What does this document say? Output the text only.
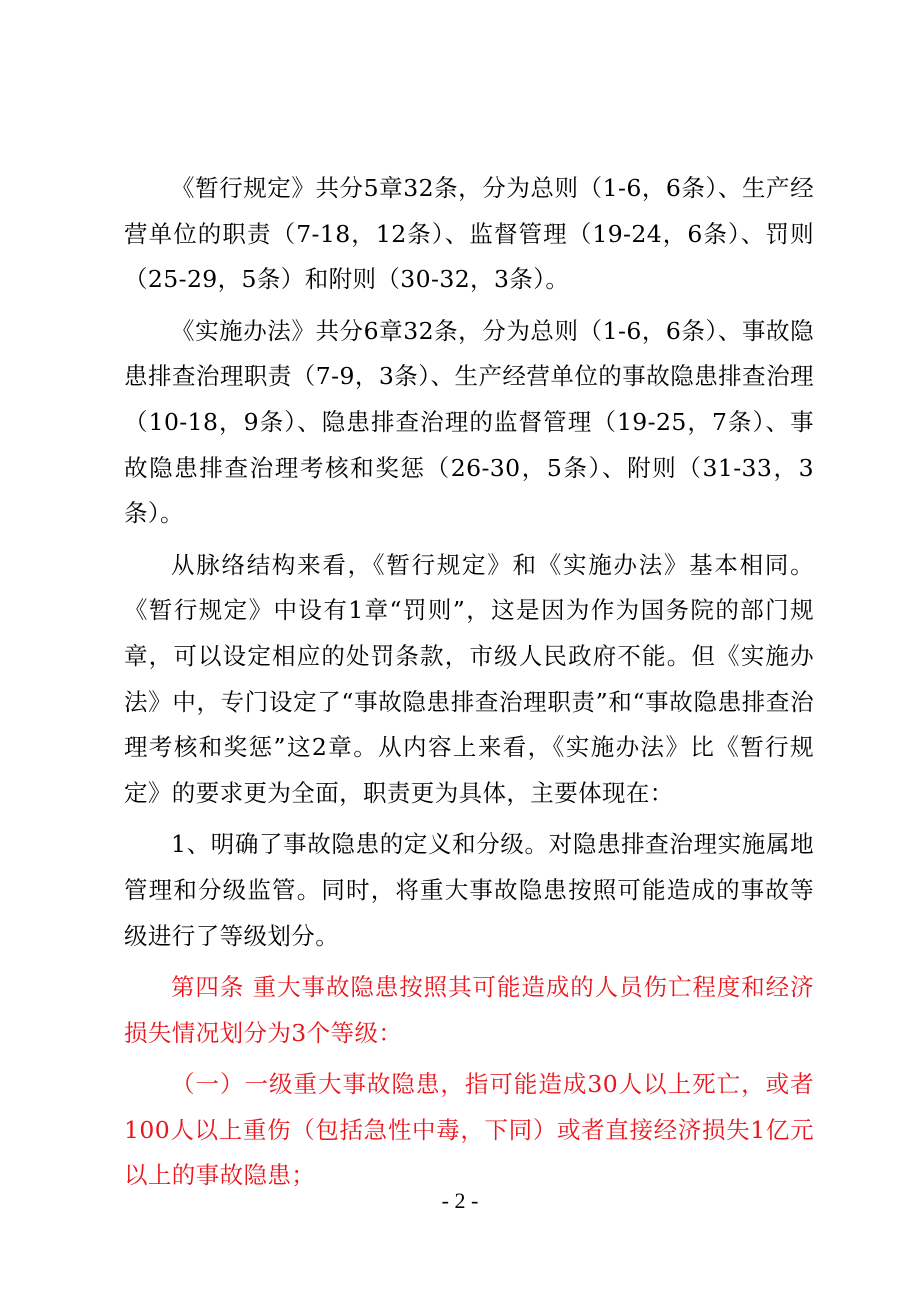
《暂行规定》共分5章32条，分为总则（1-6，6条）、生产经营单位的职责（7-18，12条）、监督管理（19-24，6条）、罚则（25-29，5条）和附则（30-32，3条）。

《实施办法》共分6章32条，分为总则（1-6，6条）、事故隐患排查治理职责（7-9，3条）、生产经营单位的事故隐患排查治理（10-18，9条）、隐患排查治理的监督管理（19-25，7条）、事故隐患排查治理考核和奖惩（26-30，5条）、附则（31-33，3条）。

从脉络结构来看，《暂行规定》和《实施办法》基本相同。《暂行规定》中设有1章“罚则”，这是因为作为国务院的部门规章，可以设定相应的处罚条款，市级人民政府不能。但《实施办法》中，专门设定了“事故隐患排查治理职责”和“事故隐患排查治理考核和奖惩”这2章。从内容上来看，《实施办法》比《暂行规定》的要求更为全面，职责更为具体，主要体现在：

1、明确了事故隐患的定义和分级。对隐患排查治理实施属地管理和分级监管。同时，将重大事故隐患按照可能造成的事故等级进行了等级划分。

第四条 重大事故隐患按照其可能造成的人员伤亡程度和经济损失情况划分为3个等级：

（一）一级重大事故隐患，指可能造成30人以上死亡，或者100人以上重伤（包括急性中毒，下同）或者直接经济损失1亿元以上的事故隐患；

- 2 -
